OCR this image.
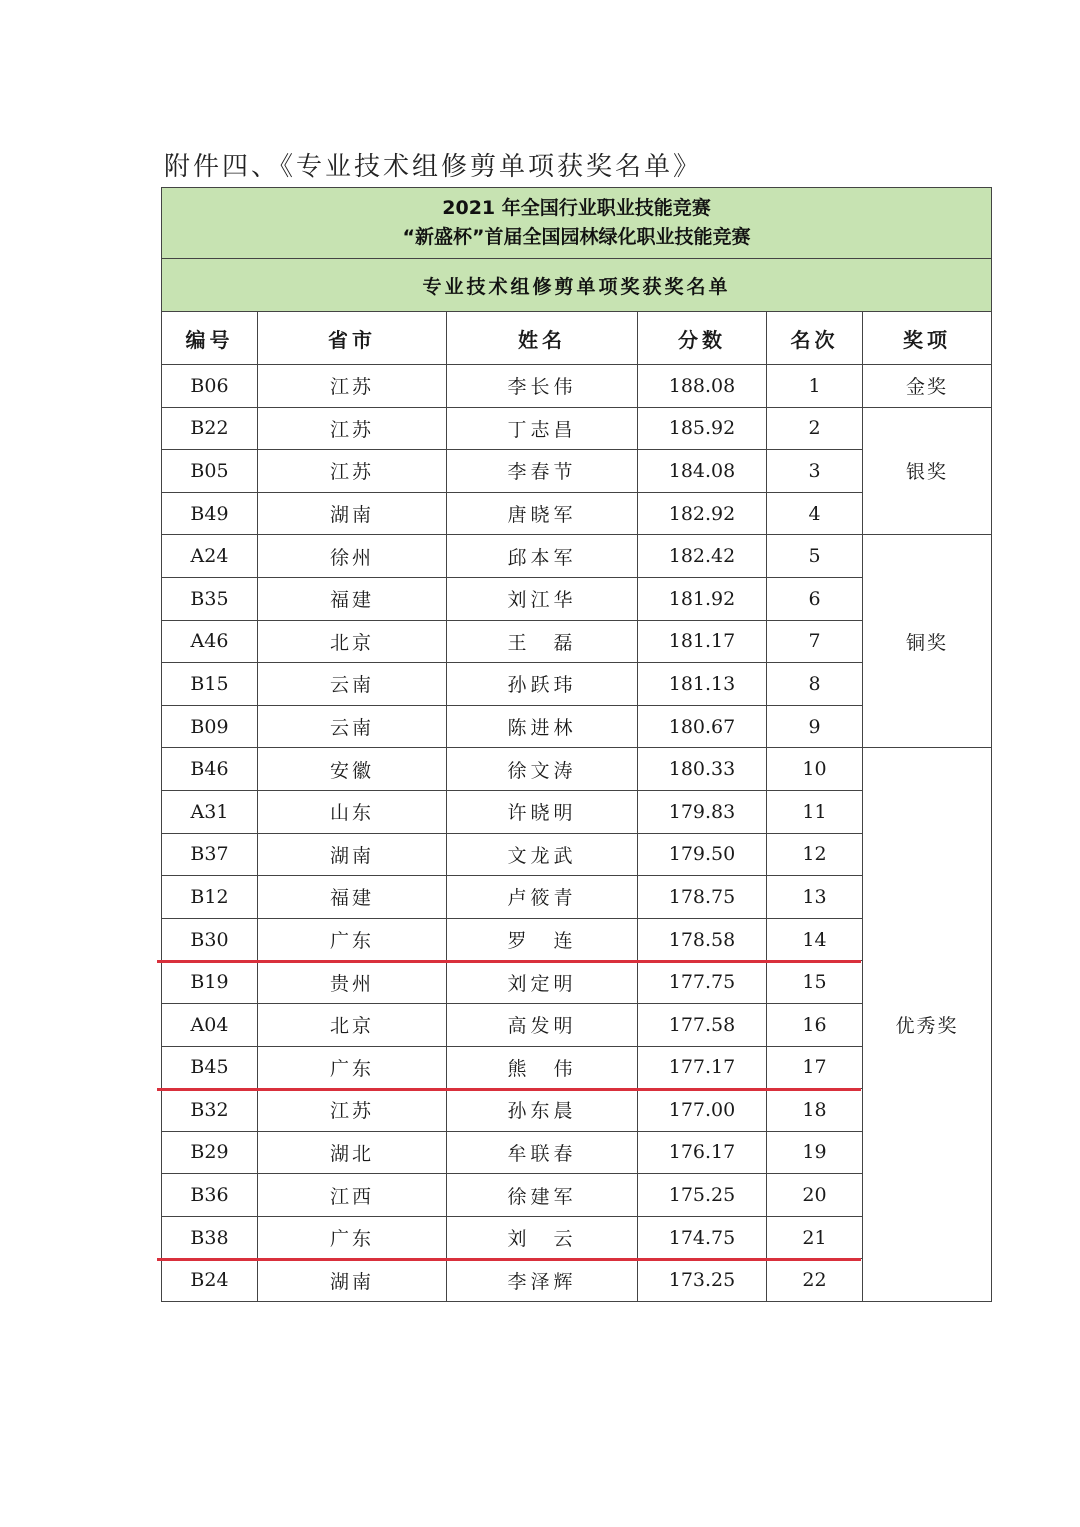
附件四、《专业技术组修剪单项获奖名单》
2021 年全国行业职业技能竞赛
“新盛杯”首届全国园林绿化职业技能竞赛					

专业技术组修剪单项奖获奖名单					
编号	省市	姓名	分数	名次	奖项
B06	江苏	李长伟	188.08	1	金奖
B22	江苏	丁志昌	185.92	2	银奖
B05	江苏	李春节	184.08	3	
B49	湖南	唐晓军	182.92	4	
A24	徐州	邱本军	182.42	5	铜奖
B35	福建	刘江华	181.92	6	
A46	北京	王　磊	181.17	7	
B15	云南	孙跃玮	181.13	8	
B09	云南	陈进林	180.67	9	
B46	安徽	徐文涛	180.33	10	优秀奖
A31	山东	许晓明	179.83	11	
B37	湖南	文龙武	179.50	12	
B12	福建	卢筱青	178.75	13	
B30	广东	罗　连	178.58	14	
B19	贵州	刘定明	177.75	15	
A04	北京	高发明	177.58	16	
B45	广东	熊　伟	177.17	17	
B32	江苏	孙东晨	177.00	18	
B29	湖北	牟联春	176.17	19	
B36	江西	徐建军	175.25	20	
B38	广东	刘　云	174.75	21	
B24	湖南	李泽辉	173.25	22	
